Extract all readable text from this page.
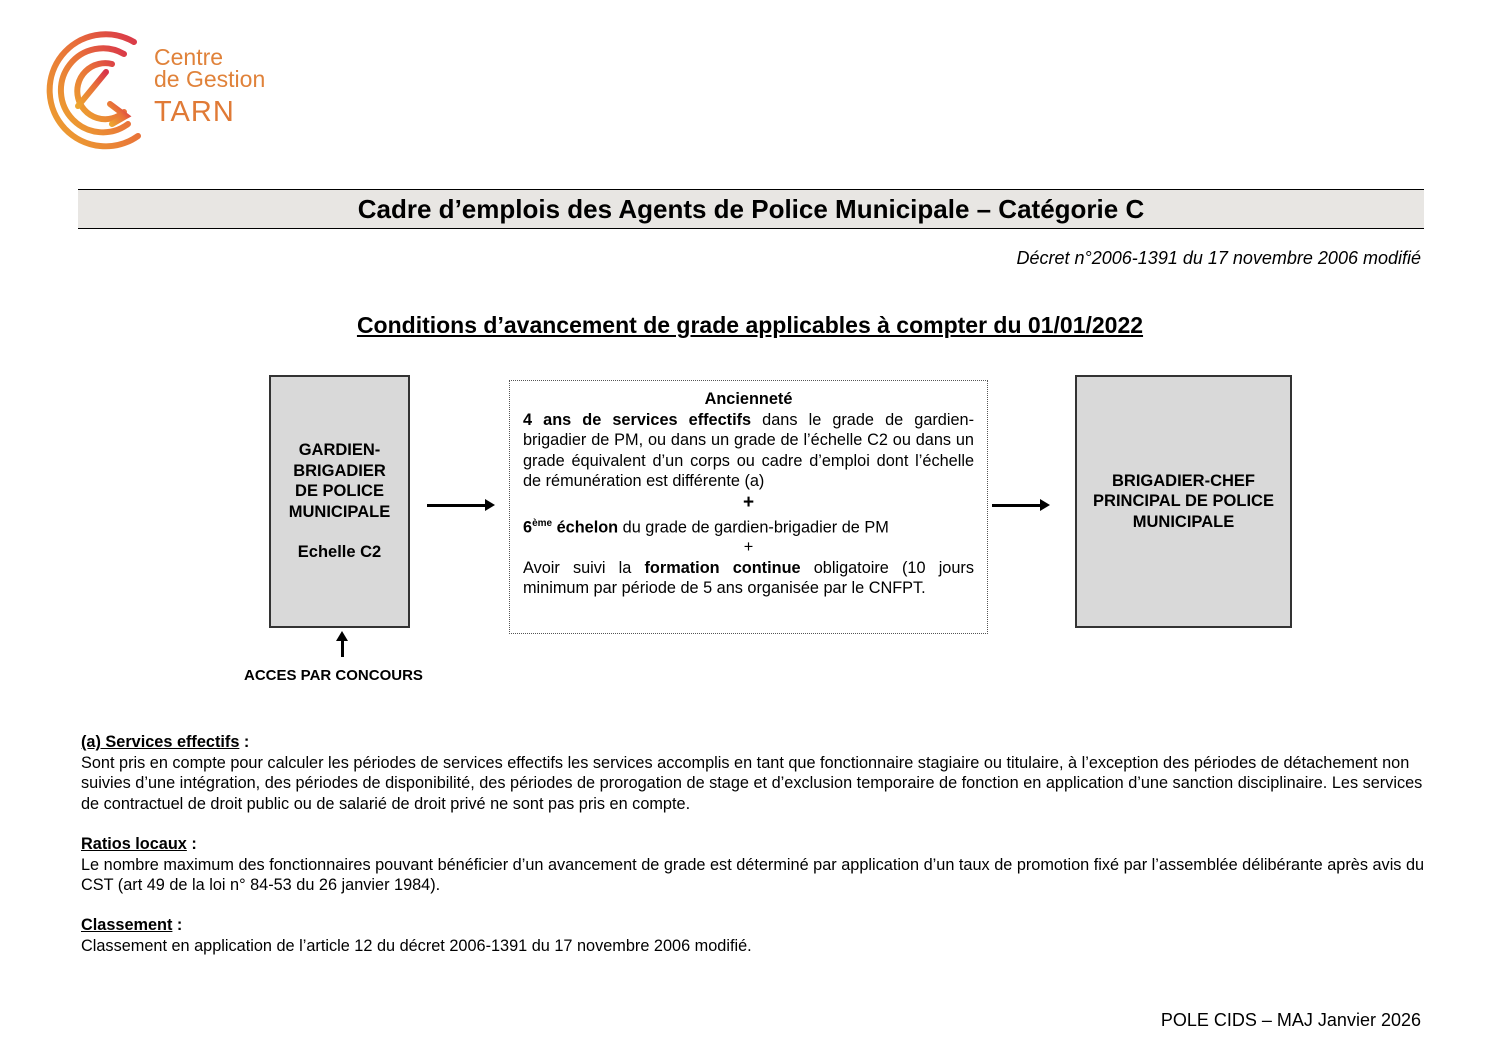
Centre
de Gestion
TARN
Cadre d’emplois des Agents de Police Municipale – Catégorie C
Décret n°2006-1391 du 17 novembre 2006 modifié
Conditions d’avancement de grade applicables à compter du 01/01/2022
GARDIEN-
BRIGADIER
DE POLICE
MUNICIPALE
Echelle C2
Ancienneté
4 ans de services effectifs dans le grade de gardien-brigadier de PM, ou dans un grade de l’échelle C2 ou dans un grade équivalent d’un corps ou cadre d’emploi dont l’échelle de rémunération est différente (a)
+
6ème échelon du grade de gardien-brigadier de PM
+
Avoir suivi la formation continue obligatoire (10 jours minimum par période de 5 ans organisée par le CNFPT.
BRIGADIER-CHEF
PRINCIPAL DE POLICE
MUNICIPALE
ACCES PAR CONCOURS
(a) Services effectifs :
Sont pris en compte pour calculer les périodes de services effectifs les services accomplis en tant que fonctionnaire stagiaire ou titulaire, à l’exception des périodes de détachement non suivies d’une intégration, des périodes de disponibilité, des périodes de prorogation de stage et d’exclusion temporaire de fonction en application d’une sanction disciplinaire. Les services de contractuel de droit public ou de salarié de droit privé ne sont pas pris en compte.
Ratios locaux :
Le nombre maximum des fonctionnaires pouvant bénéficier d’un avancement de grade est déterminé par application d’un taux de promotion fixé par l’assemblée délibérante après avis du CST (art 49 de la loi n° 84-53 du 26 janvier 1984).
Classement :
Classement en application de l’article 12 du décret 2006-1391 du 17 novembre 2006 modifié.
POLE CIDS – MAJ Janvier 2026
